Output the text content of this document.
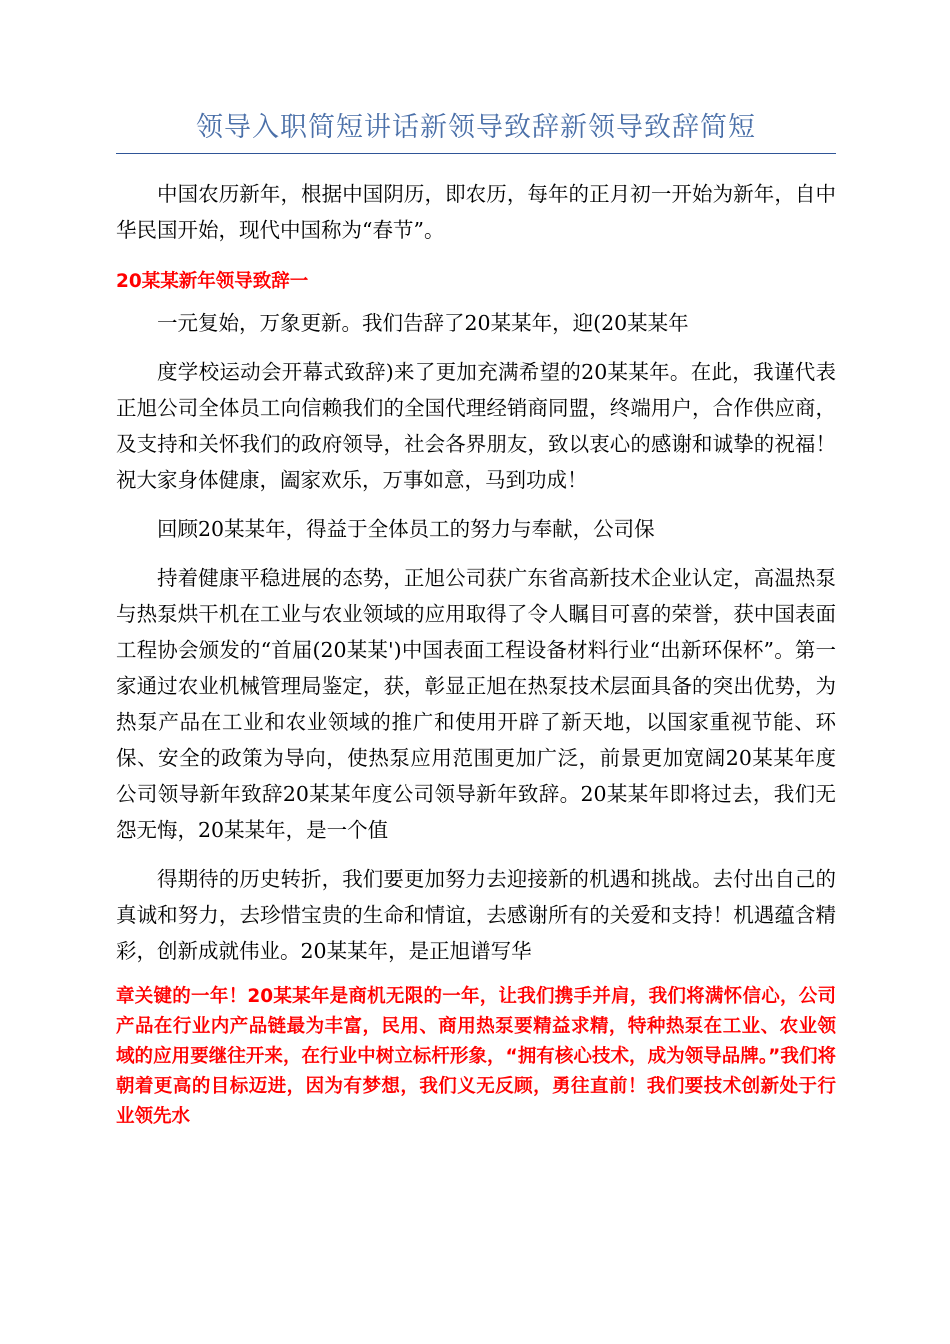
领导入职简短讲话新领导致辞新领导致辞简短

中国农历新年，根据中国阴历，即农历，每年的正月初一开始为新年，自中华民国开始，现代中国称为“春节”。

20某某新年领导致辞一

一元复始，万象更新。我们告辞了20某某年，迎(20某某年

度学校运动会开幕式致辞)来了更加充满希望的20某某年。在此，我谨代表正旭公司全体员工向信赖我们的全国代理经销商同盟，终端用户，合作供应商，及支持和关怀我们的政府领导，社会各界朋友，致以衷心的感谢和诚挚的祝福！祝大家身体健康，阖家欢乐，万事如意，马到功成！

回顾20某某年，得益于全体员工的努力与奉献，公司保

持着健康平稳进展的态势，正旭公司获广东省高新技术企业认定，高温热泵与热泵烘干机在工业与农业领域的应用取得了令人瞩目可喜的荣誉，获中国表面工程协会颁发的“首届(20某某')中国表面工程设备材料行业“出新环保杯”。第一家通过农业机械管理局鉴定，获，彰显正旭在热泵技术层面具备的突出优势，为热泵产品在工业和农业领域的推广和使用开辟了新天地，以国家重视节能、环保、安全的政策为导向，使热泵应用范围更加广泛，前景更加宽阔20某某年度公司领导新年致辞20某某年度公司领导新年致辞。20某某年即将过去，我们无怨无悔，20某某年，是一个值

得期待的历史转折，我们要更加努力去迎接新的机遇和挑战。去付出自己的真诚和努力，去珍惜宝贵的生命和情谊，去感谢所有的关爱和支持！机遇蕴含精彩，创新成就伟业。20某某年，是正旭谱写华

章关键的一年！20某某年是商机无限的一年，让我们携手并肩，我们将满怀信心，公司产品在行业内产品链最为丰富，民用、商用热泵要精益求精，特种热泵在工业、农业领域的应用要继往开来，在行业中树立标杆形象，“拥有核心技术，成为领导品牌。”我们将朝着更高的目标迈进，因为有梦想，我们义无反顾，勇往直前！我们要技术创新处于行业领先水
